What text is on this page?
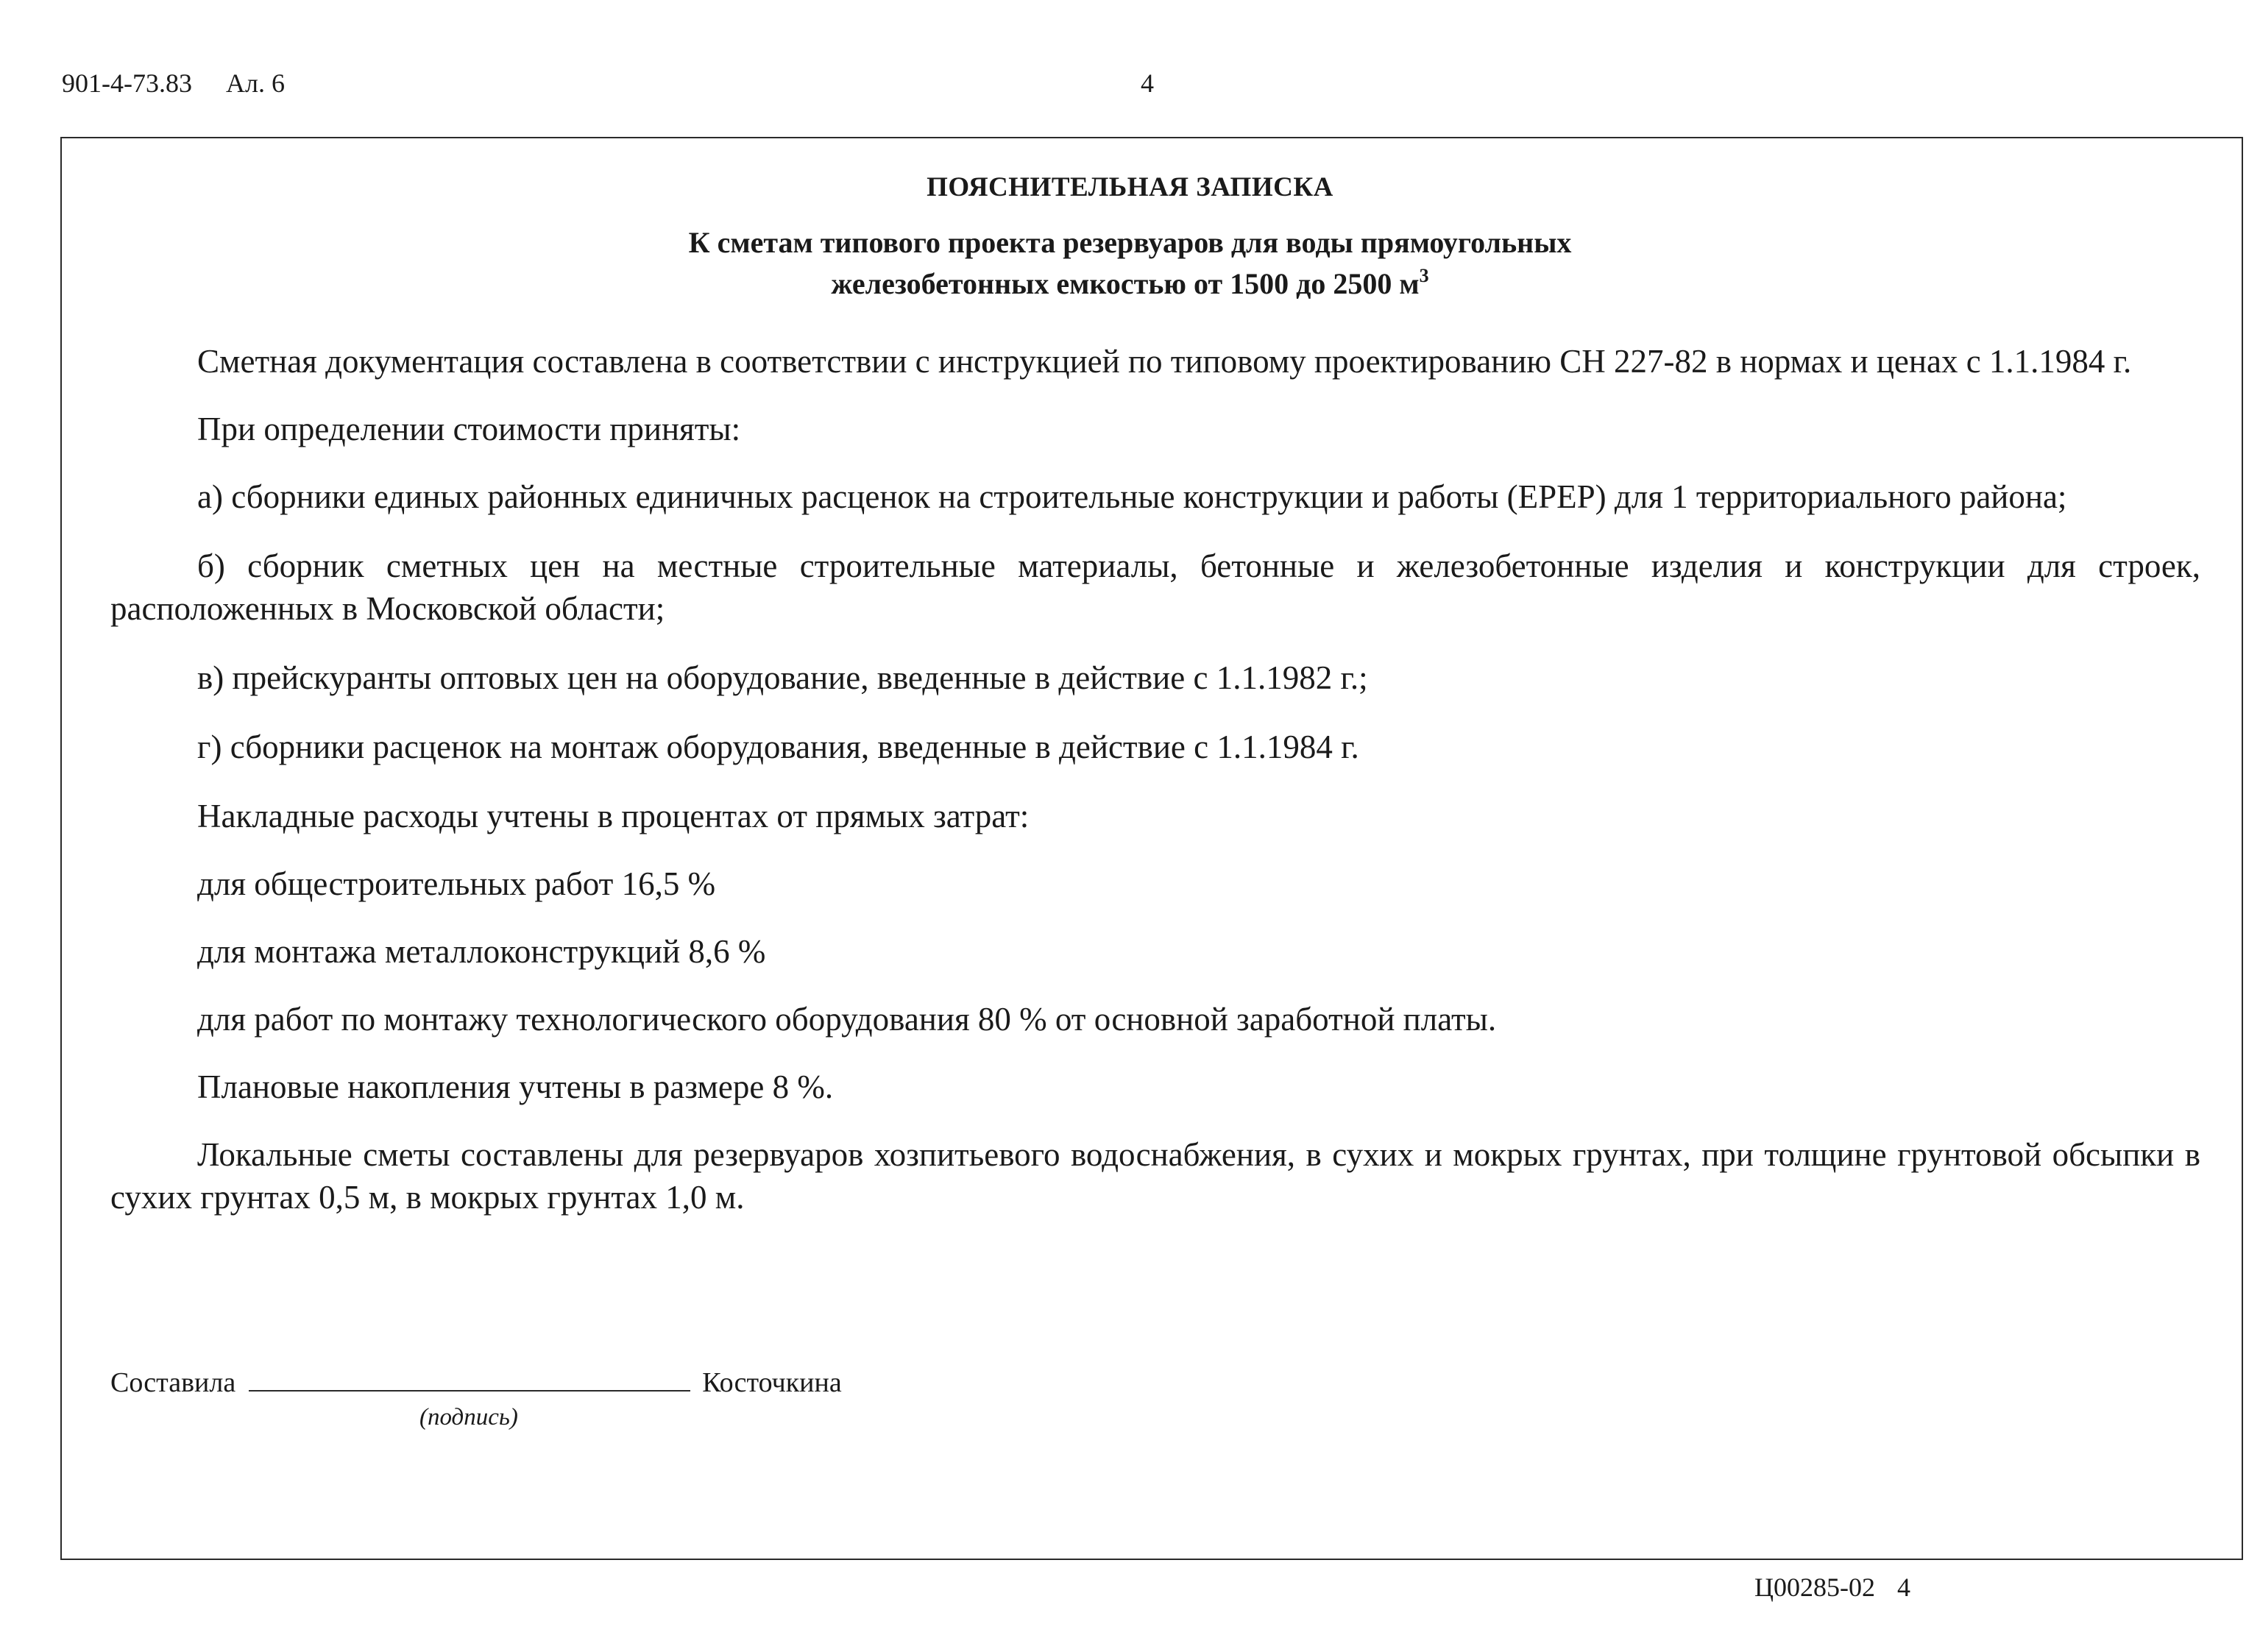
901-4-73.83 Ал. 6	4
ПОЯСНИТЕЛЬНАЯ ЗАПИСКА
К сметам типового проекта резервуаров для воды прямоугольных
железобетонных емкостью от 1500 до 2500 $м^3$

Сметная документация составлена в соответствии с инструкцией по типовому проектированию СН 227-82 в нормах и ценах с 1.1.1984 г.

При определении стоимости приняты:

а) сборники единых районных единичных расценок на строительные конструкции и работы (ЕРЕР) для 1 территориального района;

б) сборник сметных цен на местные строительные материалы, бетонные и железобетонные изделия и конструкции для строек, расположенных в Московской области;

в) прейскуранты оптовых цен на оборудование, введенные в действие с 1.1.1982 г.;

г) сборники расценок на монтаж оборудования, введенные в действие с 1.1.1984 г.

Накладные расходы учтены в процентах от прямых затрат:

для общестроительных работ 16,5 %

для монтажа металлоконструкций 8,6 %

для работ по монтажу технологического оборудования 80 % от основной заработной платы.

Плановые накопления учтены в размере 8 %.

Локальные сметы составлены для резервуаров хозпитьевого водоснабжения, в сухих и мокрых грунтах, при толщине грунтовой обсыпки в сухих грунтах 0,5 м, в мокрых грунтах 1,0 м.

Составила	Косточкина
(подпись)
Ц00285-02 4
